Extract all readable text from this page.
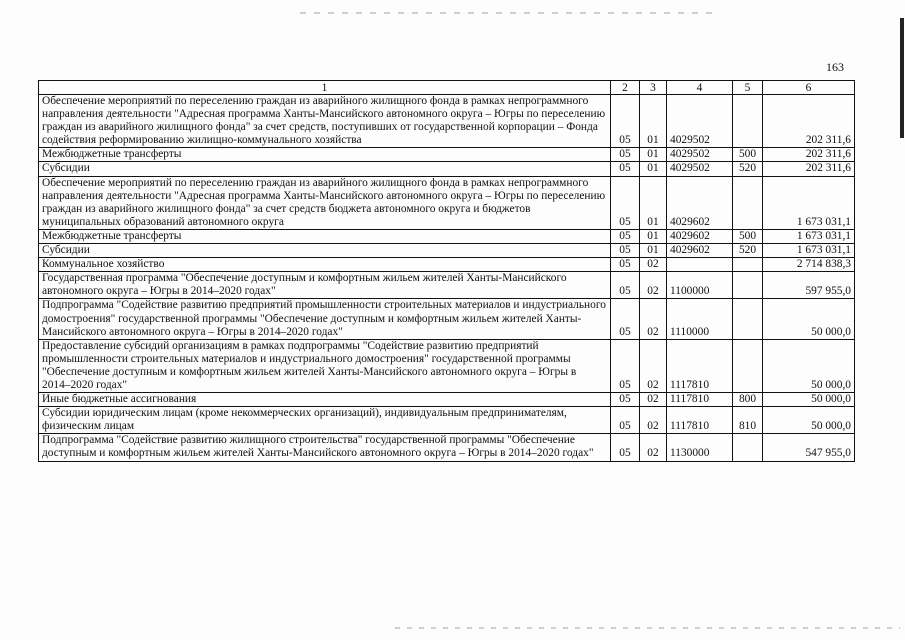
163
1	2	3	4	5	6
Обеспечение мероприятий по переселению граждан из аварийного жилищного фонда в рамках непрограммного направления деятельности "Адресная программа Ханты-Мансийского автономного округа – Югры по переселению граждан из аварийного жилищного фонда" за счет средств, поступивших от государственной корпорации – Фонда содействия реформированию жилищно-коммунального хозяйства	05	01	4029502		202 311,6
Межбюджетные трансферты	05	01	4029502	500	202 311,6
Субсидии	05	01	4029502	520	202 311,6
Обеспечение мероприятий по переселению граждан из аварийного жилищного фонда в рамках непрограммного направления деятельности "Адресная программа Ханты-Мансийского автономного округа – Югры по переселению граждан из аварийного жилищного фонда" за счет средств бюджета автономного округа и бюджетов муниципальных образований автономного округа	05	01	4029602		1 673 031,1
Межбюджетные трансферты	05	01	4029602	500	1 673 031,1
Субсидии	05	01	4029602	520	1 673 031,1
Коммунальное хозяйство	05	02			2 714 838,3
Государственная программа "Обеспечение доступным и комфортным жильем жителей Ханты-Мансийского автономного округа – Югры в 2014–2020 годах"	05	02	1100000		597 955,0
Подпрограмма "Содействие развитию предприятий промышленности строительных материалов и индустриального домостроения" государственной программы "Обеспечение доступным и комфортным жильем жителей Ханты-Мансийского автономного округа – Югры в 2014–2020 годах"	05	02	1110000		50 000,0
Предоставление субсидий организациям в рамках подпрограммы "Содействие развитию предприятий промышленности строительных материалов и индустриального домостроения" государственной программы "Обеспечение доступным и комфортным жильем жителей Ханты-Мансийского автономного округа – Югры в 2014–2020 годах"	05	02	1117810		50 000,0
Иные бюджетные ассигнования	05	02	1117810	800	50 000,0
Субсидии юридическим лицам (кроме некоммерческих организаций), индивидуальным предпринимателям, физическим лицам	05	02	1117810	810	50 000,0
Подпрограмма "Содействие развитию жилищного строительства" государственной программы "Обеспечение доступным и комфортным жильем жителей Ханты-Мансийского автономного округа – Югры в 2014–2020 годах"	05	02	1130000		547 955,0
